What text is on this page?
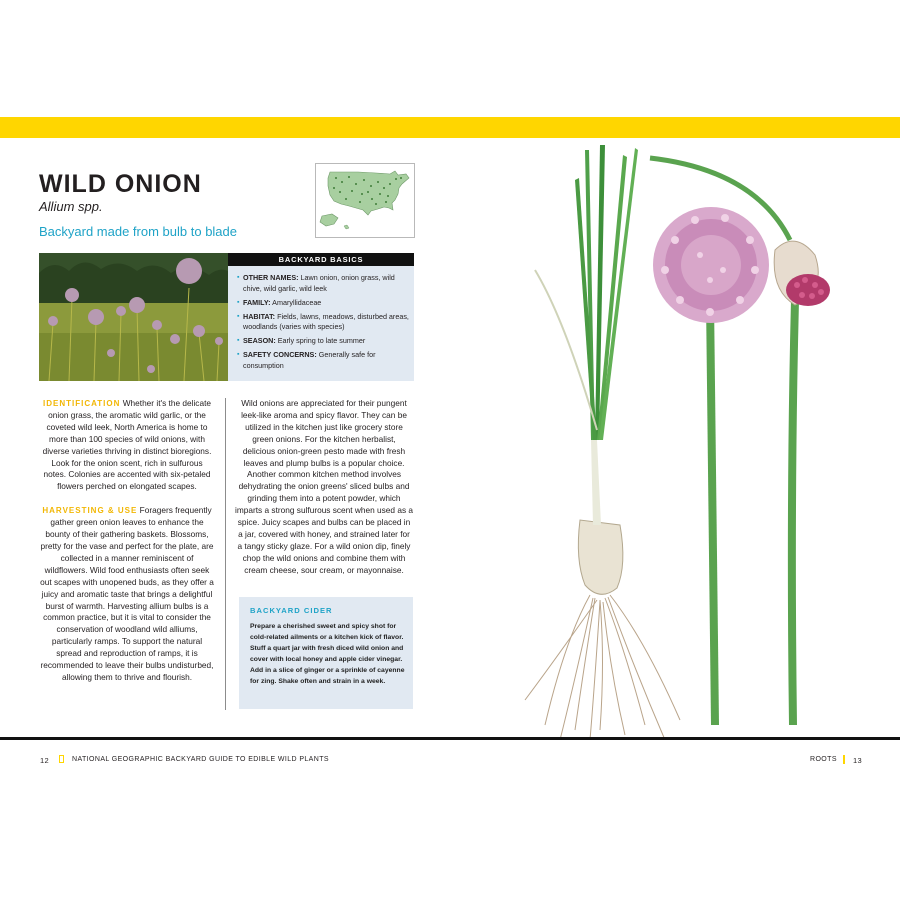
WILD ONION
Allium spp.
Backyard made from bulb to blade
BACKYARD BASICS
▪ OTHER NAMES: Lawn onion, onion grass, wild chive, wild garlic, wild leek
▪ FAMILY: Amaryllidaceae
▪ HABITAT: Fields, lawns, meadows, disturbed areas, woodlands (varies with species)
▪ SEASON: Early spring to late summer
▪ SAFETY CONCERNS: Generally safe for consumption

IDENTIFICATION Whether it's the delicate onion grass, the aromatic wild garlic, or the coveted wild leek, North America is home to more than 100 species of wild onions, with diverse varieties thriving in distinct bioregions. Look for the onion scent, rich in sulfurous notes. Colonies are accented with six-petaled flowers perched on elongated scapes.

HARVESTING & USE Foragers frequently gather green onion leaves to enhance the bounty of their gathering baskets. Blossoms, pretty for the vase and perfect for the plate, are collected in a manner reminiscent of wildflowers. Wild food enthusiasts often seek out scapes with unopened buds, as they offer a juicy and aromatic taste that brings a delightful burst of warmth. Harvesting allium bulbs is a common practice, but it is vital to consider the conservation of woodland wild alliums, particularly ramps. To support the natural spread and reproduction of ramps, it is recommended to leave their bulbs undisturbed, allowing them to thrive and flourish.

Wild onions are appreciated for their pungent leek-like aroma and spicy flavor. They can be utilized in the kitchen just like grocery store green onions. For the kitchen herbalist, delicious onion-green pesto made with fresh leaves and plump bulbs is a popular choice. Another common kitchen method involves dehydrating the onion greens' sliced bulbs and grinding them into a potent powder, which imparts a strong sulfurous scent when used as a spice. Juicy scapes and bulbs can be placed in a jar, covered with honey, and strained later for a tangy sticky glaze. For a wild onion dip, finely chop the wild onions and combine them with cream cheese, sour cream, or mayonnaise.

BACKYARD CIDER
Prepare a cherished sweet and spicy shot for cold-related ailments or a kitchen kick of flavor. Stuff a quart jar with fresh diced wild onion and cover with local honey and apple cider vinegar. Add in a slice of ginger or a sprinkle of cayenne for zing. Shake often and strain in a week.
12	NATIONAL GEOGRAPHIC BACKYARD GUIDE TO EDIBLE WILD PLANTS	ROOTS 13
